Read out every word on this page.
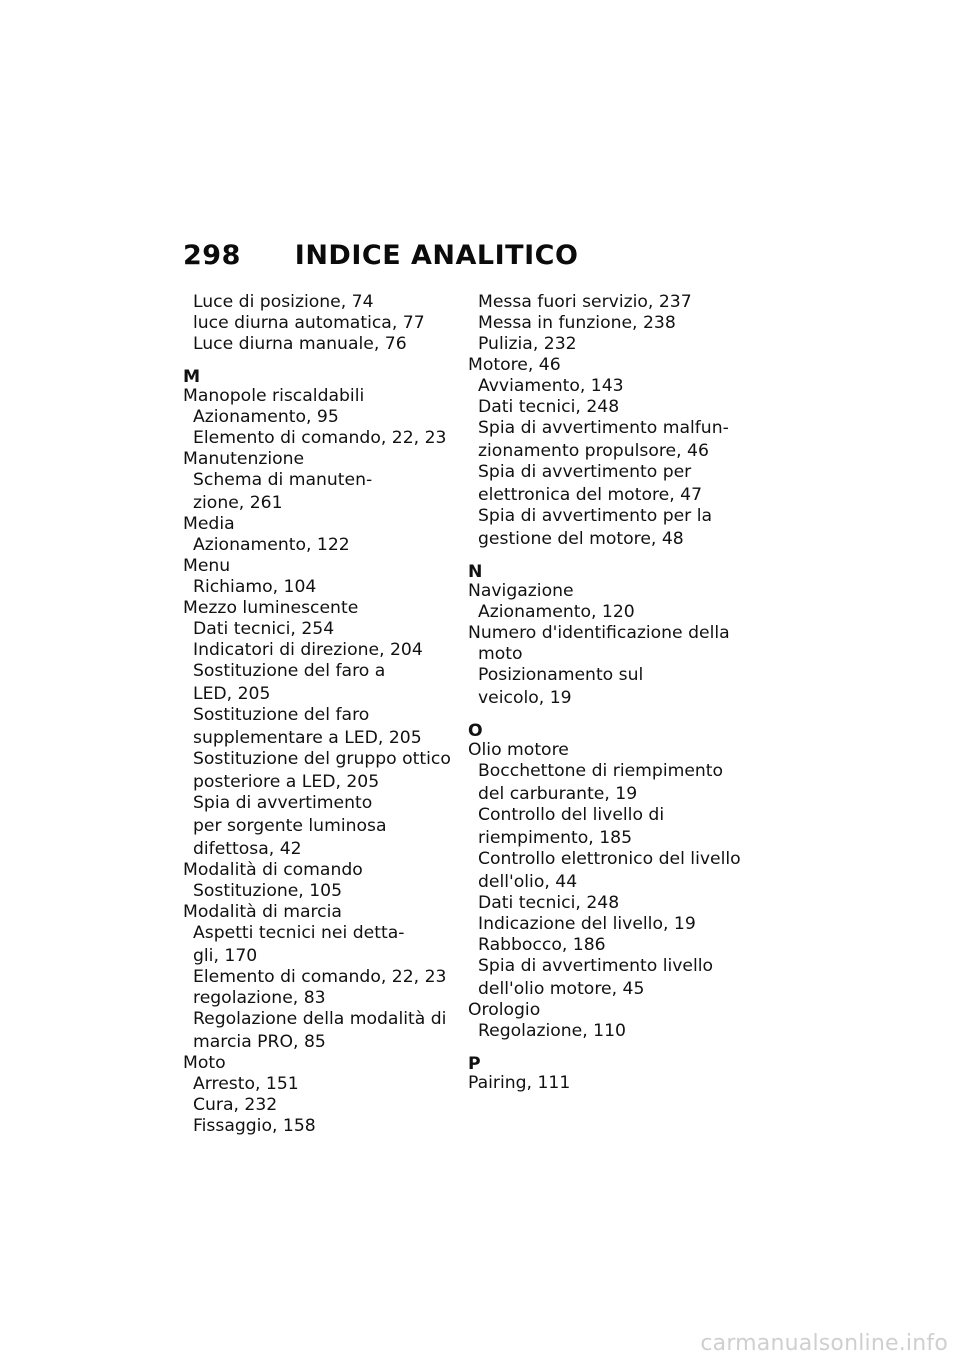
298 INDICE ANALITICO
Luce di posizione, 74
luce diurna automatica, 77
Luce diurna manuale, 76
M
Manopole riscaldabili
Azionamento, 95
Elemento di comando, 22, 23
Manutenzione
Schema di manuten-
zione, 261
Media
Azionamento, 122
Menu
Richiamo, 104
Mezzo luminescente
Dati tecnici, 254
Indicatori di direzione, 204
Sostituzione del faro a
LED, 205
Sostituzione del faro
supplementare a LED, 205
Sostituzione del gruppo ottico
posteriore a LED, 205
Spia di avvertimento
per sorgente luminosa
difettosa, 42
Modalità di comando
Sostituzione, 105
Modalità di marcia
Aspetti tecnici nei detta-
gli, 170
Elemento di comando, 22, 23
regolazione, 83
Regolazione della modalità di
marcia PRO, 85
Moto
Arresto, 151
Cura, 232
Fissaggio, 158
Messa fuori servizio, 237
Messa in funzione, 238
Pulizia, 232
Motore, 46
Avviamento, 143
Dati tecnici, 248
Spia di avvertimento malfun-
zionamento propulsore, 46
Spia di avvertimento per
elettronica del motore, 47
Spia di avvertimento per la
gestione del motore, 48
N
Navigazione
Azionamento, 120
Numero d'identificazione della
moto
Posizionamento sul
veicolo, 19
O
Olio motore
Bocchettone di riempimento
del carburante, 19
Controllo del livello di
riempimento, 185
Controllo elettronico del livello
dell'olio, 44
Dati tecnici, 248
Indicazione del livello, 19
Rabbocco, 186
Spia di avvertimento livello
dell'olio motore, 45
Orologio
Regolazione, 110
P
Pairing, 111
carmanualsonline.info
